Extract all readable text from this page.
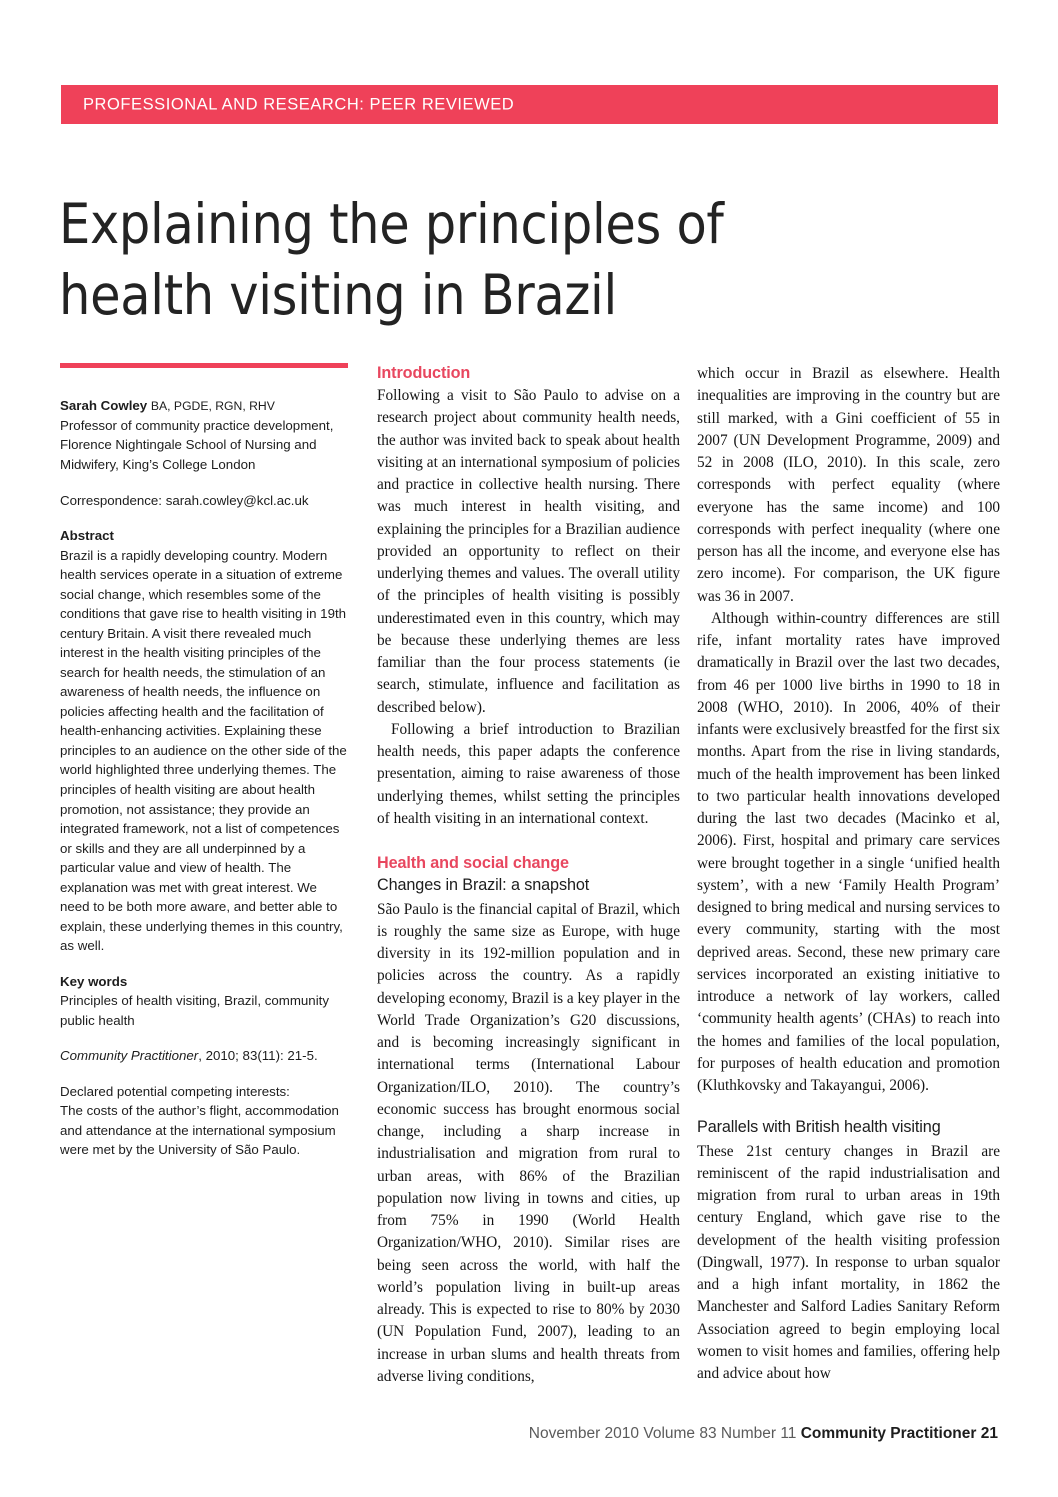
PROFESSIONAL AND RESEARCH: PEER REVIEWED
Explaining the principles of
health visiting in Brazil

Sarah Cowley BA, PGDE, RGN, RHV
Professor of community practice development, Florence Nightingale School of Nursing and Midwifery, King’s College London

Correspondence: sarah.cowley@kcl.ac.uk

Abstract
Brazil is a rapidly developing country. Modern health services operate in a situation of extreme social change, which resembles some of the conditions that gave rise to health visiting in 19th century Britain. A visit there revealed much interest in the health visiting principles of the search for health needs, the stimulation of an awareness of health needs, the influence on policies affecting health and the facilitation of health-enhancing activities. Explaining these principles to an audience on the other side of the world highlighted three underlying themes. The principles of health visiting are about health promotion, not assistance; they provide an integrated framework, not a list of competences or skills and they are all underpinned by a particular value and view of health. The explanation was met with great interest. We need to be both more aware, and better able to explain, these underlying themes in this country, as well.

Key words
Principles of health visiting, Brazil, community public health

Community Practitioner, 2010; 83(11): 21-5.

Declared potential competing interests:
The costs of the author’s flight, accommodation and attendance at the international symposium were met by the University of São Paulo.

Introduction

Following a visit to São Paulo to advise on a research project about community health needs, the author was invited back to speak about health visiting at an international symposium of policies and practice in collective health nursing. There was much interest in health visiting, and explaining the principles for a Brazilian audience provided an opportunity to reflect on their underlying themes and values. The overall utility of the principles of health visiting is possibly underestimated even in this country, which may be because these underlying themes are less familiar than the four process statements (ie search, stimulate, influence and facilitation as described below).

Following a brief introduction to Brazilian health needs, this paper adapts the conference presentation, aiming to raise awareness of those underlying themes, whilst setting the principles of health visiting in an international context.

Health and social change
Changes in Brazil: a snapshot

São Paulo is the financial capital of Brazil, which is roughly the same size as Europe, with huge diversity in its 192-million population and in policies across the country. As a rapidly developing economy, Brazil is a key player in the World Trade Organization’s G20 discussions, and is becoming increasingly significant in international terms (International Labour Organization/ILO, 2010). The country’s economic success has brought enormous social change, including a sharp increase in industrialisation and migration from rural to urban areas, with 86% of the Brazilian population now living in towns and cities, up from 75% in 1990 (World Health Organization/WHO, 2010). Similar rises are being seen across the world, with half the world’s population living in built-up areas already. This is expected to rise to 80% by 2030 (UN Population Fund, 2007), leading to an increase in urban slums and health threats from adverse living conditions,

which occur in Brazil as elsewhere. Health inequalities are improving in the country but are still marked, with a Gini coefficient of 55 in 2007 (UN Development Programme, 2009) and 52 in 2008 (ILO, 2010). In this scale, zero corresponds with perfect equality (where everyone has the same income) and 100 corresponds with perfect inequality (where one person has all the income, and everyone else has zero income). For comparison, the UK figure was 36 in 2007.

Although within-country differences are still rife, infant mortality rates have improved dramatically in Brazil over the last two decades, from 46 per 1000 live births in 1990 to 18 in 2008 (WHO, 2010). In 2006, 40% of their infants were exclusively breastfed for the first six months. Apart from the rise in living standards, much of the health improvement has been linked to two particular health innovations developed during the last two decades (Macinko et al, 2006). First, hospital and primary care services were brought together in a single ‘unified health system’, with a new ‘Family Health Program’ designed to bring medical and nursing services to every community, starting with the most deprived areas. Second, these new primary care services incorporated an existing initiative to introduce a network of lay workers, called ‘community health agents’ (CHAs) to reach into the homes and families of the local population, for purposes of health education and promotion (Kluthkovsky and Takayangui, 2006).

Parallels with British health visiting

These 21st century changes in Brazil are reminiscent of the rapid industrialisation and migration from rural to urban areas in 19th century England, which gave rise to the development of the health visiting profession (Dingwall, 1977). In response to urban squalor and a high infant mortality, in 1862 the Manchester and Salford Ladies Sanitary Reform Association agreed to begin employing local women to visit homes and families, offering help and advice about how

November 2010 Volume 83 Number 11 Community Practitioner 21
